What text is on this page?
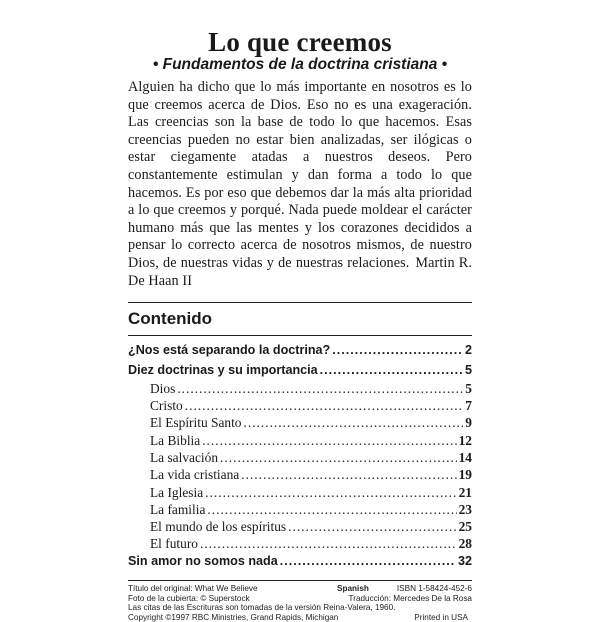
Lo que creemos

• Fundamentos de la doctrina cristiana •

Alguien ha dicho que lo más importante en nosotros es lo que creemos acerca de Dios. Eso no es una exageración. Las creencias son la base de todo lo que hacemos. Esas creencias pueden no estar bien analizadas, ser ilógicas o estar ciegamente atadas a nuestros deseos. Pero constantemente estimulan y dan forma a todo lo que hacemos. Es por eso que debemos dar la más alta prioridad a lo que creemos y porqué. Nada puede moldear el carácter humano más que las mentes y los corazones decididos a pensar lo correcto acerca de nosotros mismos, de nuestro Dios, de nuestras vidas y de nuestras relaciones. Martin R. De Haan II

Contenido
¿Nos está separando la doctrina? .....	2
Diez doctrinas y su importancia .....	5
Dios .....	5
Cristo .....	7
El Espíritu Santo .....	9
La Biblia .....	12
La salvación .....	14
La vida cristiana .....	19
La Iglesia .....	21
La familia .....	23
El mundo de los espíritus .....	25
El futuro .....	28
Sin amor no somos nada .....	32
Título del original: What We Believe	Spanish	ISBN 1-58424-452-6
Foto de la cubierta: © Superstock	Traducción: Mercedes De la Rosa
Las citas de las Escrituras son tomadas de la versión Reina-Valera, 1960.
Copyright ©1997 RBC Ministries, Grand Rapids, Michigan	Printed in USA
